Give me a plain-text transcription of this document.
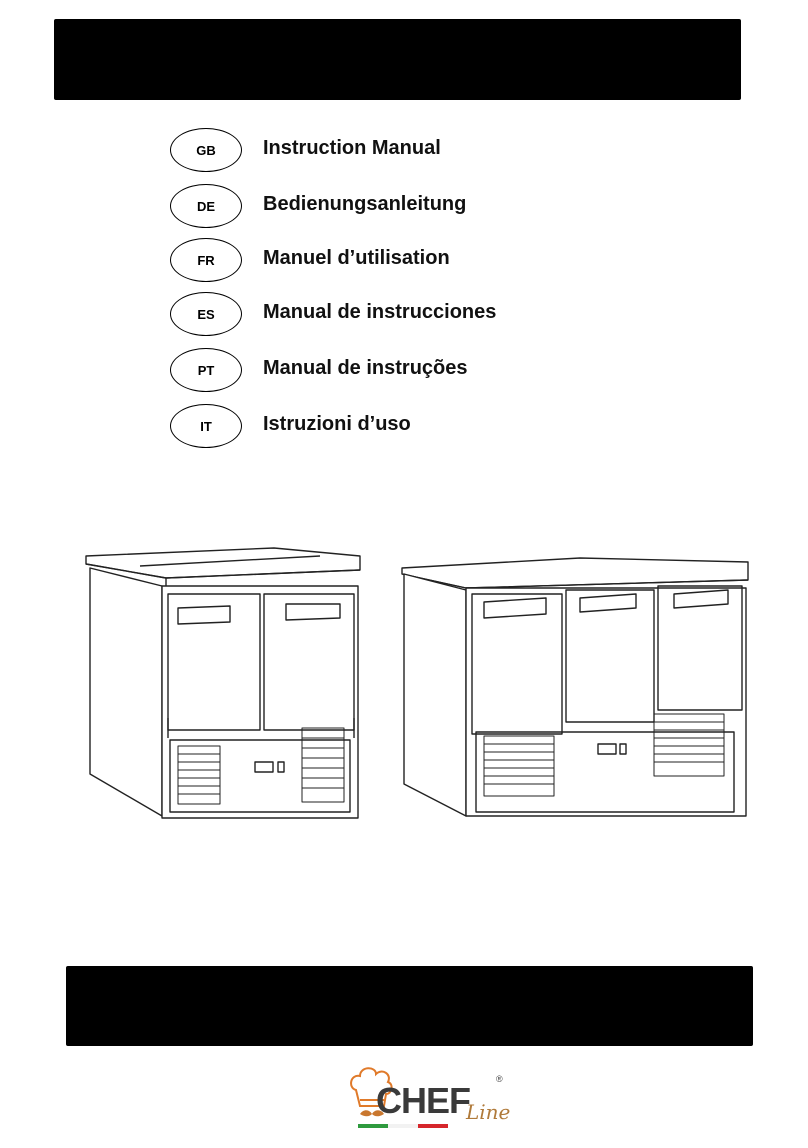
GB	Instruction Manual
DE	Bedienungsanleitung
FR	Manuel d’utilisation
ES	Manual de instrucciones
PT	Manual de instruções
IT	Istruzioni d’uso
CHEF
®
Line
